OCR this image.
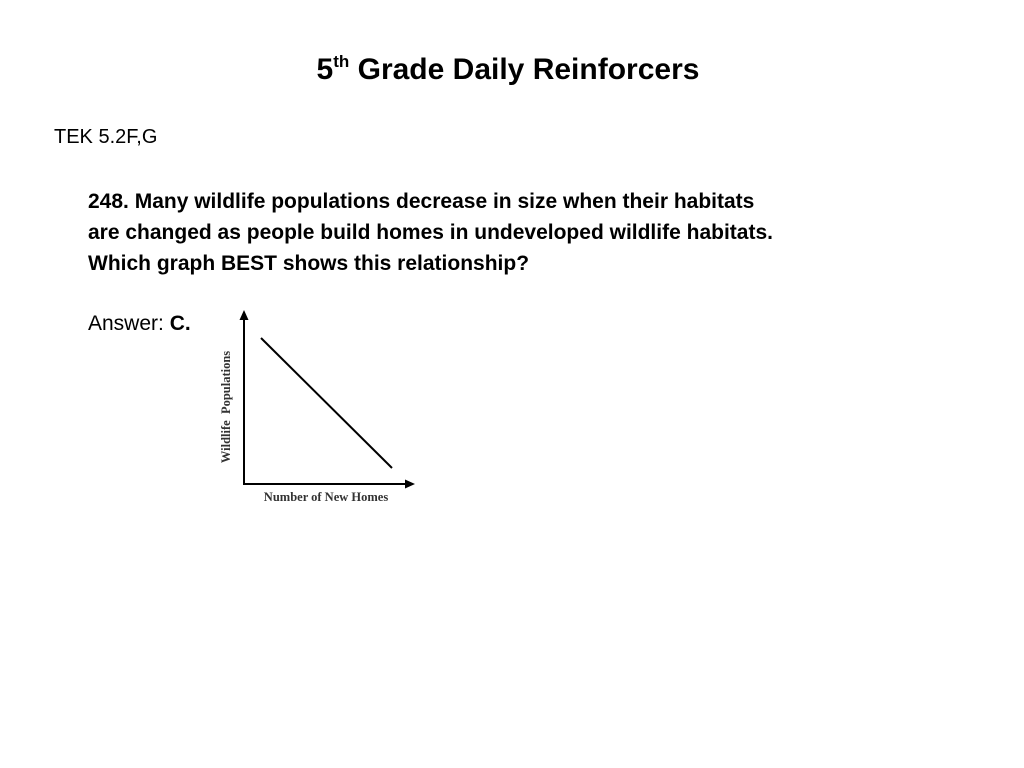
5th Grade Daily Reinforcers
TEK 5.2F,G
248. Many wildlife populations decrease in size when their habitats
are changed as people build homes in undeveloped wildlife habitats.
Which graph BEST shows this relationship?
Answer: C.
Number of New Homes
Wildlife  Populations
